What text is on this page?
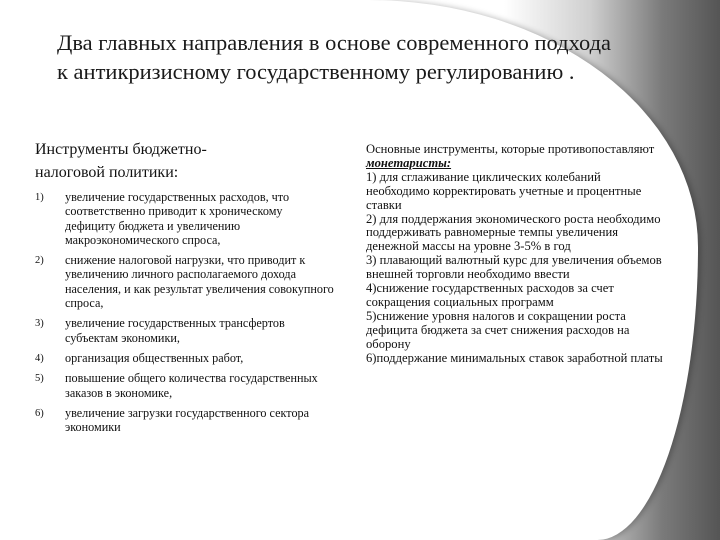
Два главных направления в основе современного подхода к антикризисному государственному регулированию .
Инструменты бюджетно-
налоговой политики:
1) увеличение государственных расходов, что соответственно приводит к хроническому дефициту бюджета и увеличению макроэкономического спроса,
2) снижение налоговой нагрузки, что приводит к увеличению личного располагаемого дохода населения, и как результат увеличения совокупного спроса,
3) увеличение государственных трансфертов субъектам экономики,
4) организация общественных работ,
5) повышение общего количества государственных заказов в экономике,
6) увеличение загрузки государственного сектора экономики
Основные инструменты, которые противопоставляют монетаристы:
1) для сглаживание циклических колебаний необходимо корректировать учетные и процентные ставки
2) для поддержания экономического роста необходимо поддерживать равномерные темпы увеличения денежной массы на уровне 3-5% в год
3) плавающий валютный курс для увеличения объемов внешней торговли необходимо ввести
4)снижение государственных расходов за счет сокращения социальных программ
5)снижение уровня налогов и сокращении роста дефицита бюджета за счет снижения расходов на оборону
6)поддержание минимальных ставок заработной платы
